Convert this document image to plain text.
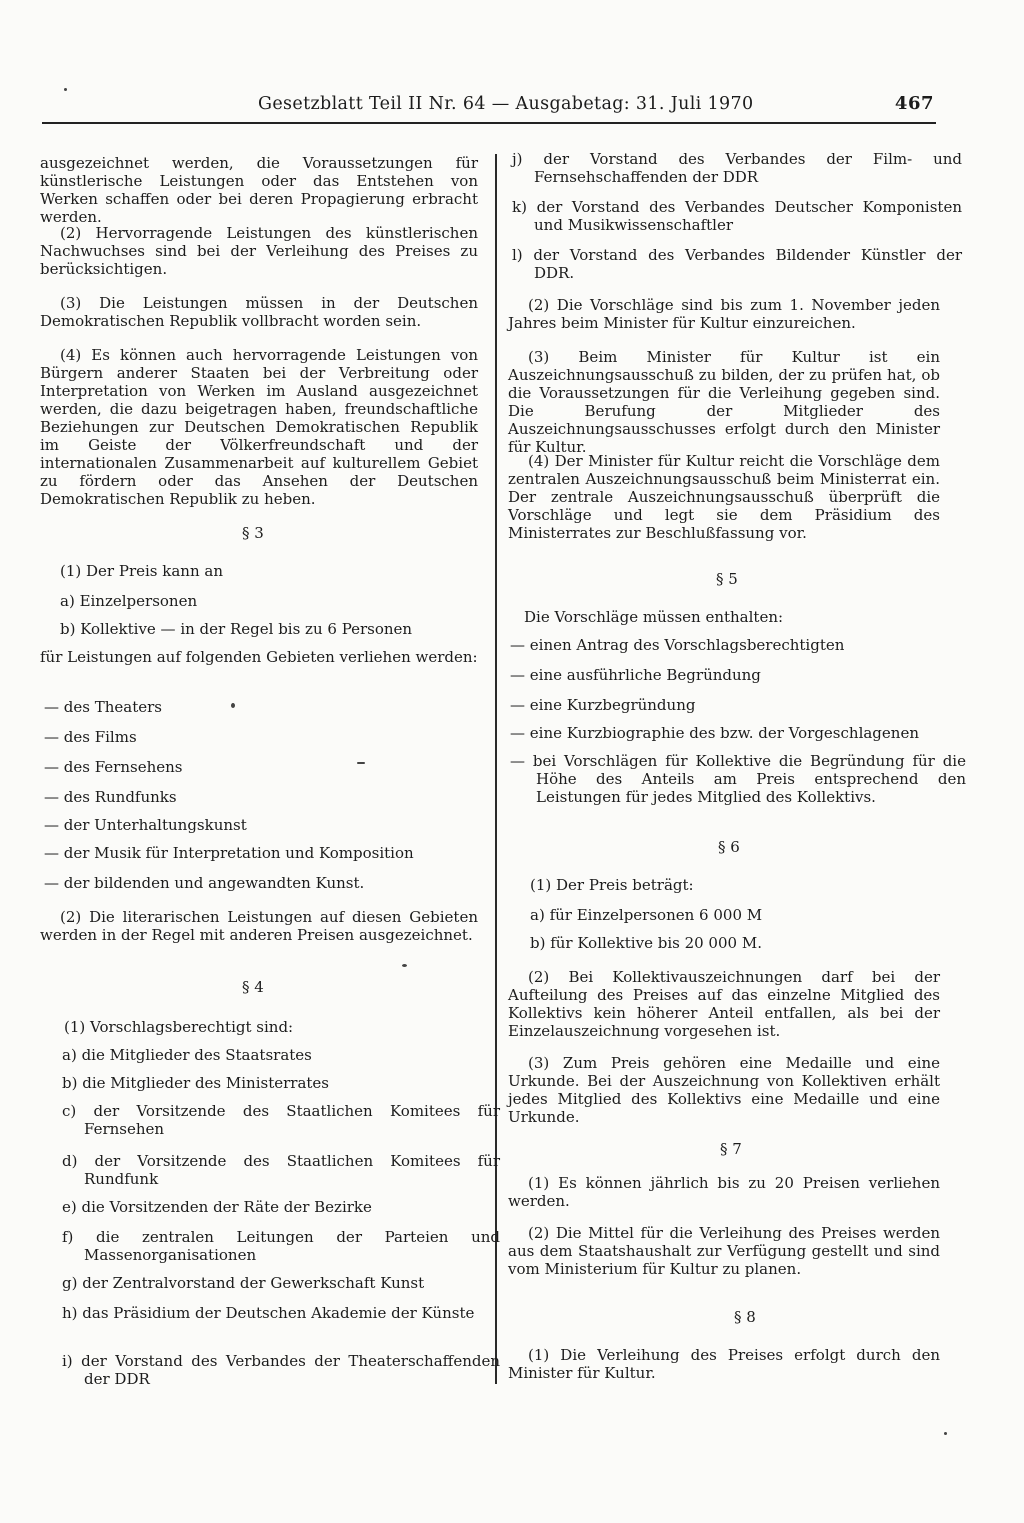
Gesetzblatt Teil II Nr. 64 — Ausgabetag: 31. Juli 1970	467

ausgezeichnet werden, die Voraussetzungen für künstlerische Leistungen oder das Entstehen von Werken schaffen oder bei deren Propagierung erbracht werden.

(2) Hervorragende Leistungen des künstlerischen Nachwuchses sind bei der Verleihung des Preises zu berücksichtigen.

(3) Die Leistungen müssen in der Deutschen Demokratischen Republik vollbracht worden sein.

(4) Es können auch hervorragende Leistungen von Bürgern anderer Staaten bei der Verbreitung oder Interpretation von Werken im Ausland ausgezeichnet werden, die dazu beigetragen haben, freundschaftliche Beziehungen zur Deutschen Demokratischen Republik im Geiste der Völkerfreundschaft und der internationalen Zusammenarbeit auf kulturellem Gebiet zu fördern oder das Ansehen der Deutschen Demokratischen Republik zu heben.

§ 3
(1) Der Preis kann an
a) Einzelpersonen
b) Kollektive — in der Regel bis zu 6 Personen

für Leistungen auf folgenden Gebieten verliehen werden:

— des Theaters
— des Films
— des Fernsehens
— des Rundfunks
— der Unterhaltungskunst
— der Musik für Interpretation und Komposition
— der bildenden und angewandten Kunst.

(2) Die literarischen Leistungen auf diesen Gebieten werden in der Regel mit anderen Preisen ausgezeichnet.

§ 4
(1) Vorschlagsberechtigt sind:

a) die Mitglieder des Staatsrates

b) die Mitglieder des Ministerrates

c) der Vorsitzende des Staatlichen Komitees für Fernsehen

d) der Vorsitzende des Staatlichen Komitees für Rundfunk

e) die Vorsitzenden der Räte der Bezirke

f) die zentralen Leitungen der Parteien und Massenorganisationen

g) der Zentralvorstand der Gewerkschaft Kunst

h) das Präsidium der Deutschen Akademie der Künste

i) der Vorstand des Verbandes der Theaterschaffenden der DDR

j) der Vorstand des Verbandes der Film- und Fernsehschaffenden der DDR

k) der Vorstand des Verbandes Deutscher Komponisten und Musikwissenschaftler

l) der Vorstand des Verbandes Bildender Künstler der DDR.

(2) Die Vorschläge sind bis zum 1. November jeden Jahres beim Minister für Kultur einzureichen.

(3) Beim Minister für Kultur ist ein Auszeichnungsausschuß zu bilden, der zu prüfen hat, ob die Voraussetzungen für die Verleihung gegeben sind. Die Berufung der Mitglieder des Auszeichnungsausschusses erfolgt durch den Minister für Kultur.

(4) Der Minister für Kultur reicht die Vorschläge dem zentralen Auszeichnungsausschuß beim Ministerrat ein. Der zentrale Auszeichnungsausschuß überprüft die Vorschläge und legt sie dem Präsidium des Ministerrates zur Beschlußfassung vor.

§ 5
Die Vorschläge müssen enthalten:
— einen Antrag des Vorschlagsberechtigten
— eine ausführliche Begründung
— eine Kurzbegründung
— eine Kurzbiographie des bzw. der Vorgeschlagenen

— bei Vorschlägen für Kollektive die Begründung für die Höhe des Anteils am Preis entsprechend den Leistungen für jedes Mitglied des Kollektivs.

§ 6
(1) Der Preis beträgt:
a) für Einzelpersonen 6 000 M
b) für Kollektive bis 20 000 M.

(2) Bei Kollektivauszeichnungen darf bei der Aufteilung des Preises auf das einzelne Mitglied des Kollektivs kein höherer Anteil entfallen, als bei der Einzelauszeichnung vorgesehen ist.

(3) Zum Preis gehören eine Medaille und eine Urkunde. Bei der Auszeichnung von Kollektiven erhält jedes Mitglied des Kollektivs eine Medaille und eine Urkunde.

§ 7

(1) Es können jährlich bis zu 20 Preisen verliehen werden.

(2) Die Mittel für die Verleihung des Preises werden aus dem Staatshaushalt zur Verfügung gestellt und sind vom Ministerium für Kultur zu planen.

§ 8

(1) Die Verleihung des Preises erfolgt durch den Minister für Kultur.
